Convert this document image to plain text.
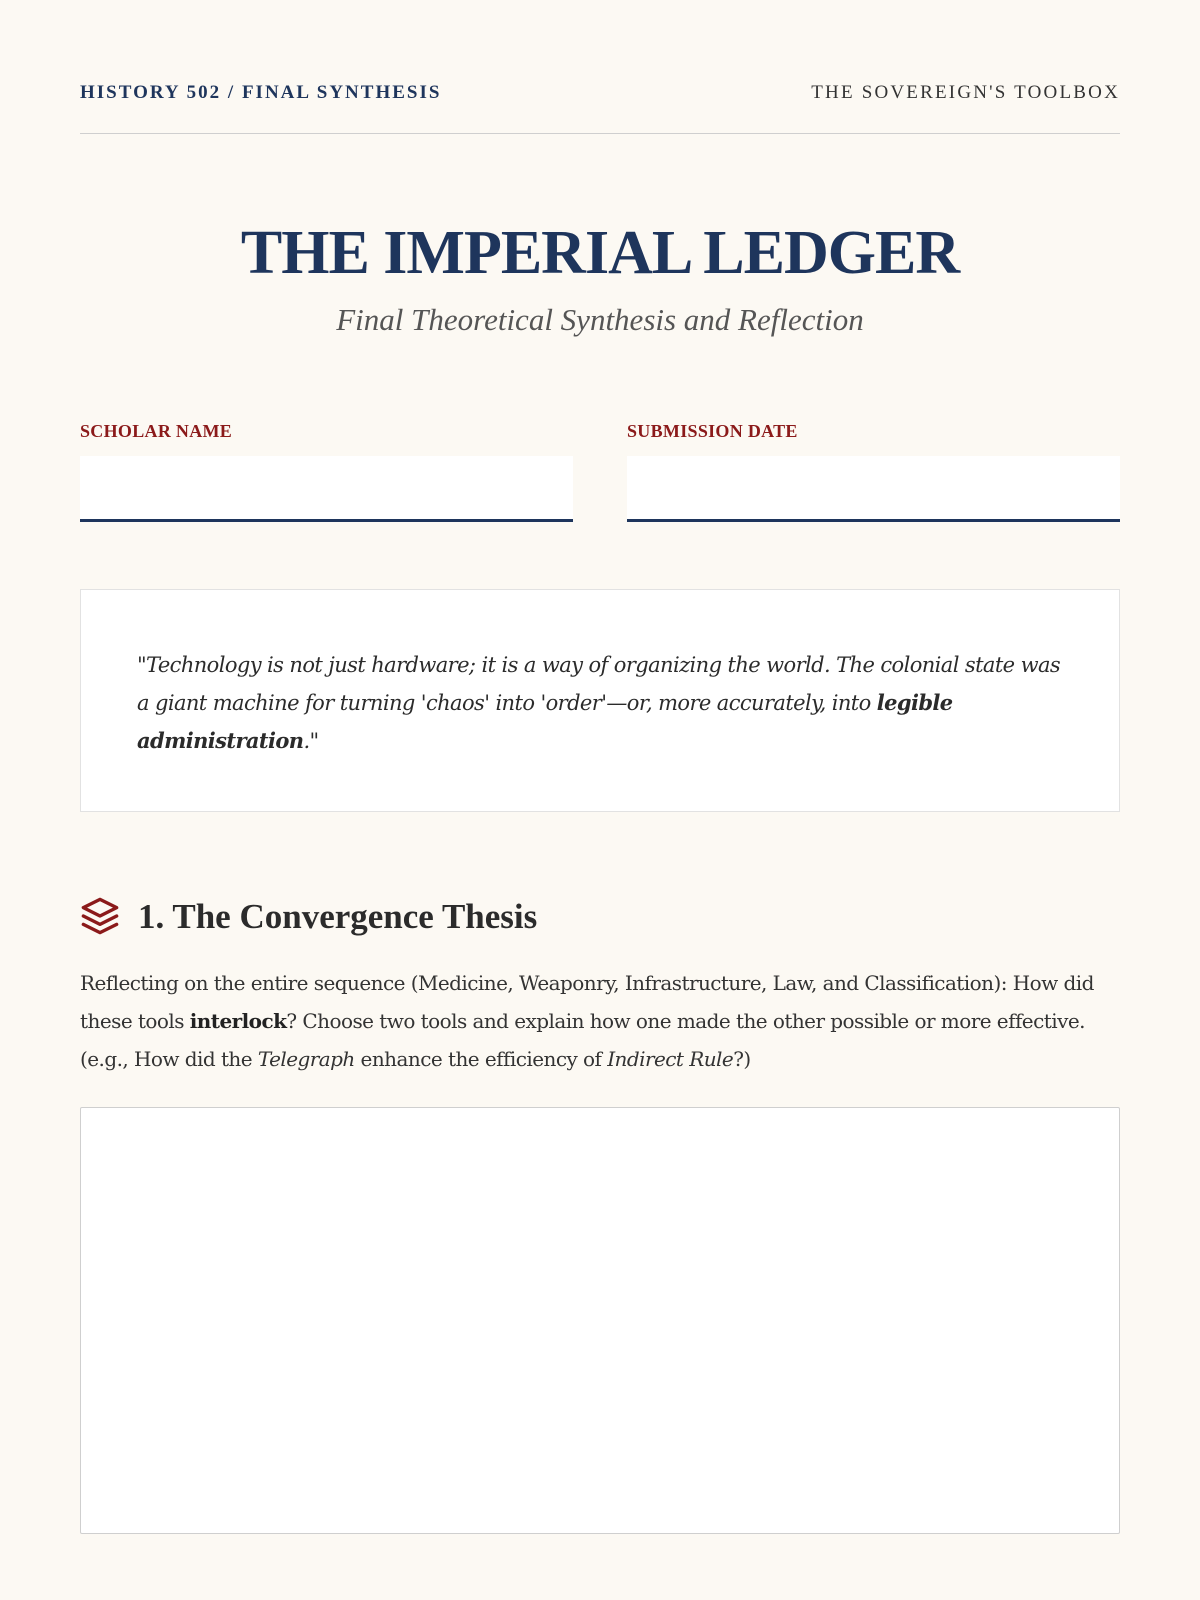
HISTORY 502 / FINAL SYNTHESIS	THE SOVEREIGN'S TOOLBOX
THE IMPERIAL LEDGER
Final Theoretical Synthesis and Reflection
SCHOLAR NAME	SUBMISSION DATE

"Technology is not just hardware; it is a way of organizing the world. The colonial state was a giant machine for turning 'chaos' into 'order'—or, more accurately, into legible administration."

1. The Convergence Thesis

Reflecting on the entire sequence (Medicine, Weaponry, Infrastructure, Law, and Classification): How did these tools interlock? Choose two tools and explain how one made the other possible or more effective. (e.g., How did the Telegraph enhance the efficiency of Indirect Rule?)
